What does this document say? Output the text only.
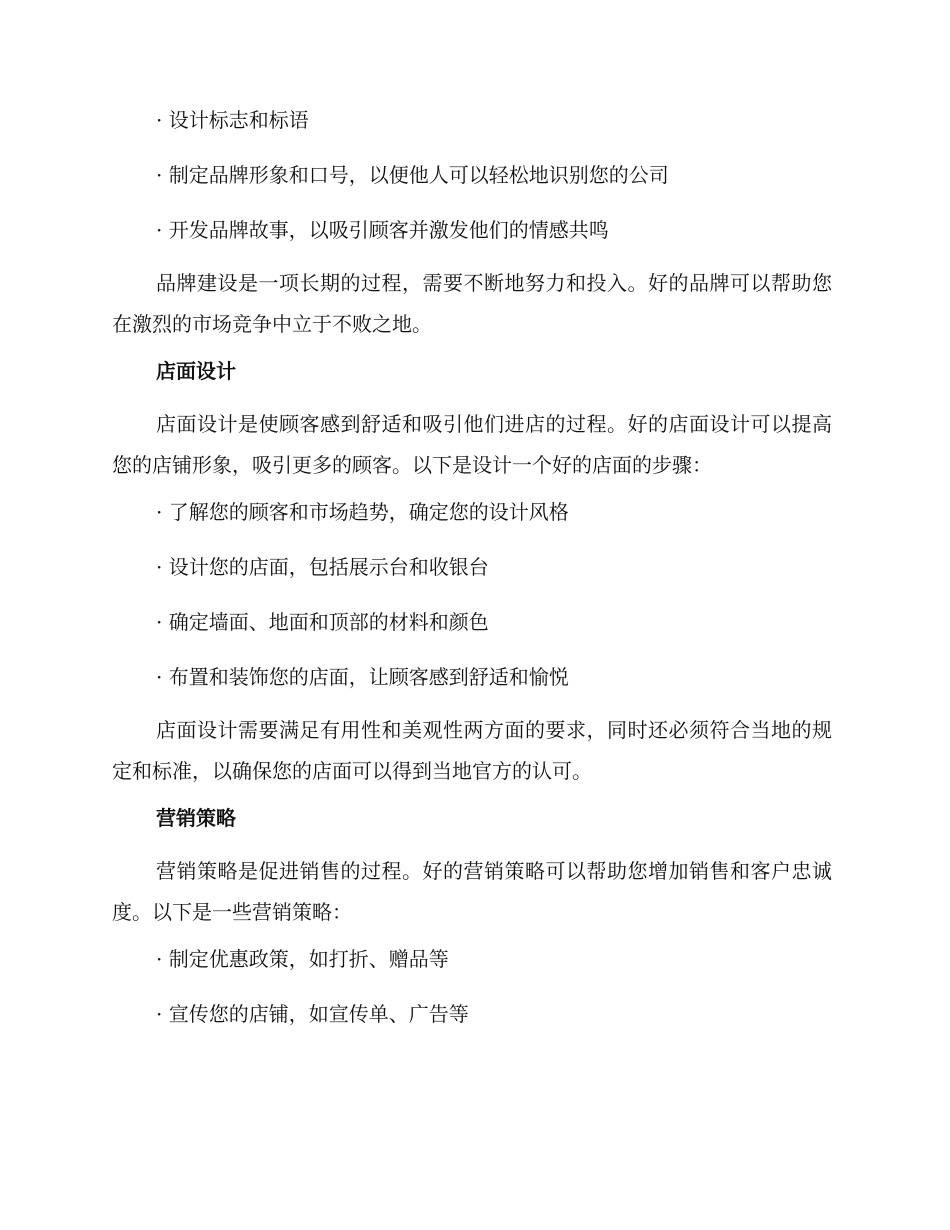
· 设计标志和标语
· 制定品牌形象和口号，以便他人可以轻松地识别您的公司
· 开发品牌故事，以吸引顾客并激发他们的情感共鸣

品牌建设是一项长期的过程，需要不断地努力和投入。好的品牌可以帮助您在激烈的市场竞争中立于不败之地。

店面设计

店面设计是使顾客感到舒适和吸引他们进店的过程。好的店面设计可以提高您的店铺形象，吸引更多的顾客。以下是设计一个好的店面的步骤：

· 了解您的顾客和市场趋势，确定您的设计风格
· 设计您的店面，包括展示台和收银台
· 确定墙面、地面和顶部的材料和颜色
· 布置和装饰您的店面，让顾客感到舒适和愉悦

店面设计需要满足有用性和美观性两方面的要求，同时还必须符合当地的规定和标准，以确保您的店面可以得到当地官方的认可。

营销策略

营销策略是促进销售的过程。好的营销策略可以帮助您增加销售和客户忠诚度。以下是一些营销策略：

· 制定优惠政策，如打折、赠品等
· 宣传您的店铺，如宣传单、广告等
